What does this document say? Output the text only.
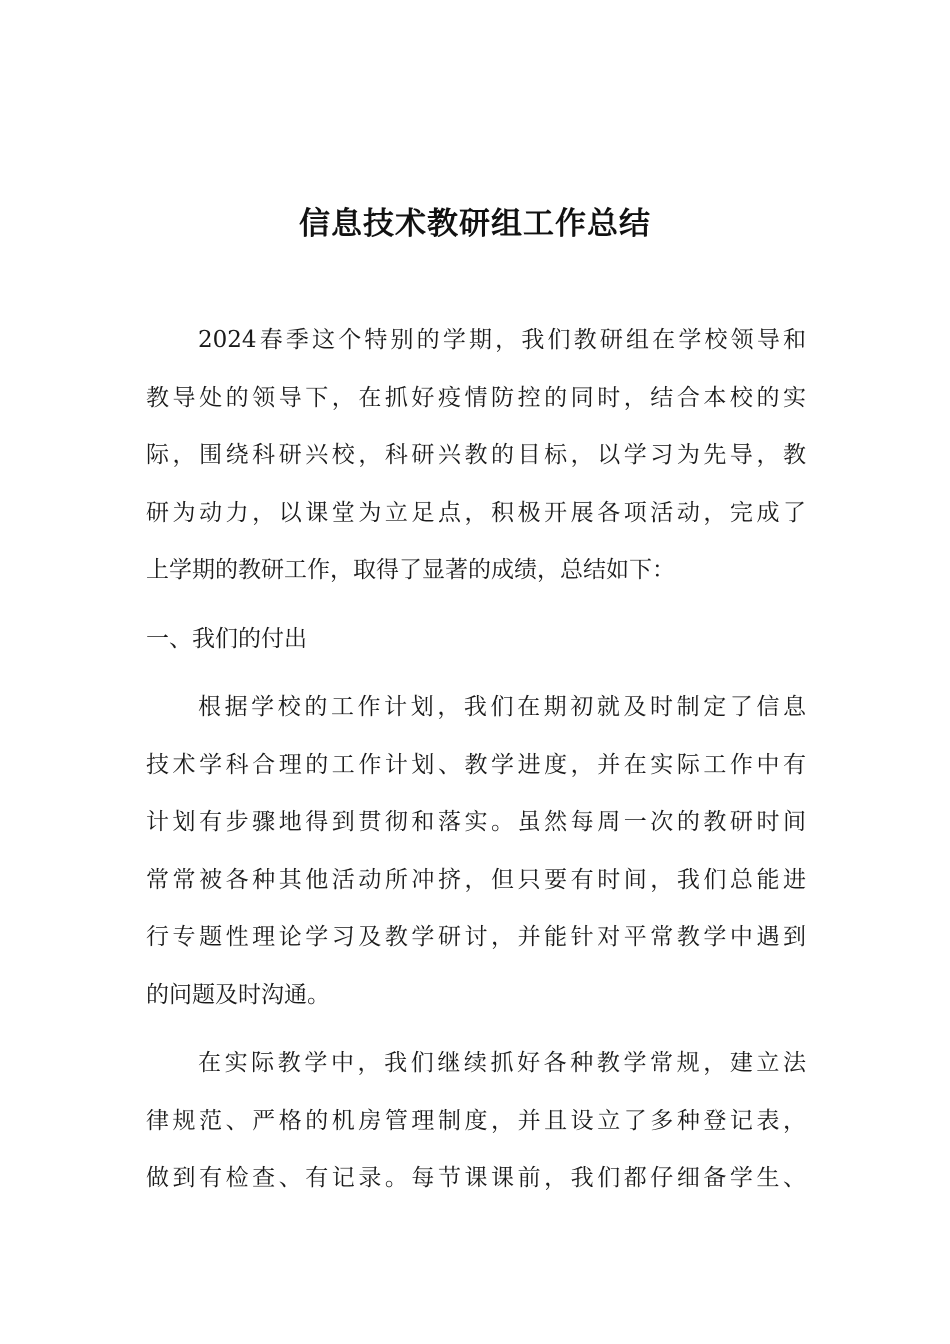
信息技术教研组工作总结
2024春季这个特别的学期，我们教研组在学校领导和
教导处的领导下，在抓好疫情防控的同时，结合本校的实
际，围绕科研兴校，科研兴教的目标，以学习为先导，教
研为动力，以课堂为立足点，积极开展各项活动，完成了
上学期的教研工作，取得了显著的成绩，总结如下：
一、我们的付出
根据学校的工作计划，我们在期初就及时制定了信息
技术学科合理的工作计划、教学进度，并在实际工作中有
计划有步骤地得到贯彻和落实。虽然每周一次的教研时间
常常被各种其他活动所冲挤，但只要有时间，我们总能进
行专题性理论学习及教学研讨，并能针对平常教学中遇到
的问题及时沟通。
在实际教学中，我们继续抓好各种教学常规，建立法
律规范、严格的机房管理制度，并且设立了多种登记表，
做到有检查、有记录。每节课课前，我们都仔细备学生、
